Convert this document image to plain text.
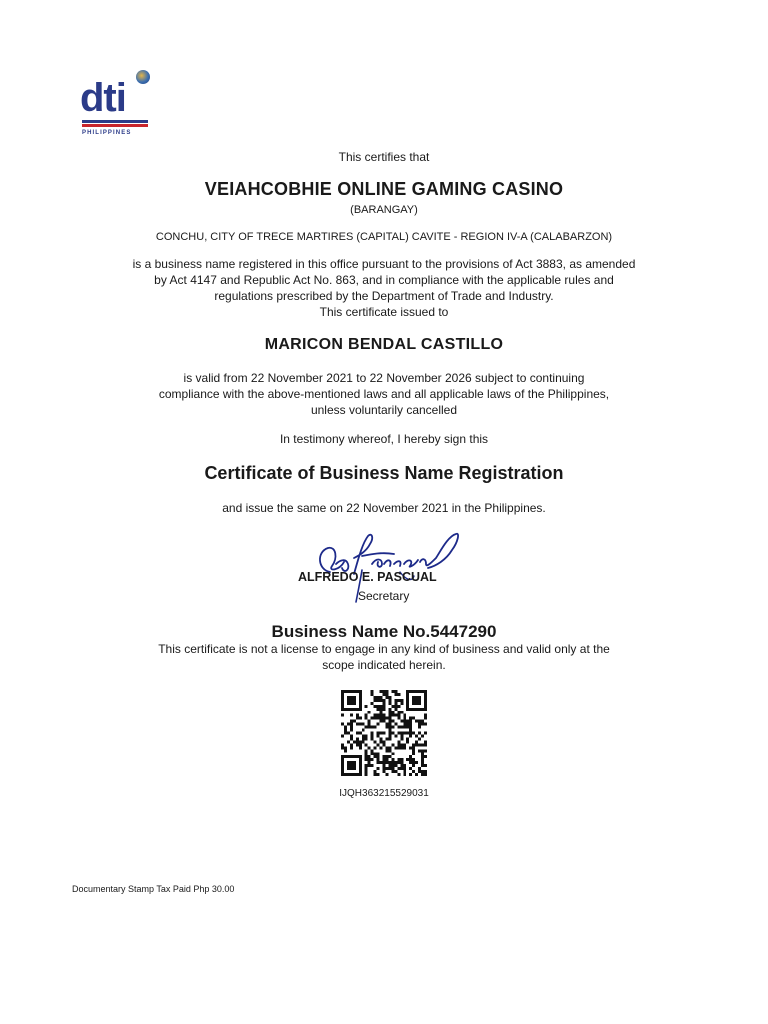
dti
PHILIPPINES
This certifies that
VEIAHCOBHIE ONLINE GAMING CASINO
(BARANGAY)
CONCHU, CITY OF TRECE MARTIRES (CAPITAL) CAVITE - REGION IV-A (CALABARZON)
is a business name registered in this office pursuant to the provisions of Act 3883, as amended
by Act 4147 and Republic Act No. 863, and in compliance with the applicable rules and
regulations prescribed by the Department of Trade and Industry.
This certificate issued to
MARICON BENDAL CASTILLO
is valid from 22 November 2021 to 22 November 2026 subject to continuing
compliance with the above-mentioned laws and all applicable laws of the Philippines,
unless voluntarily cancelled
In testimony whereof, I hereby sign this
Certificate of Business Name Registration
and issue the same on 22 November 2021 in the Philippines.
ALFREDO E. PASCUAL
Secretary
Business Name No.5447290
This certificate is not a license to engage in any kind of business and valid only at the
scope indicated herein.
IJQH363215529031
Documentary Stamp Tax Paid Php 30.00
